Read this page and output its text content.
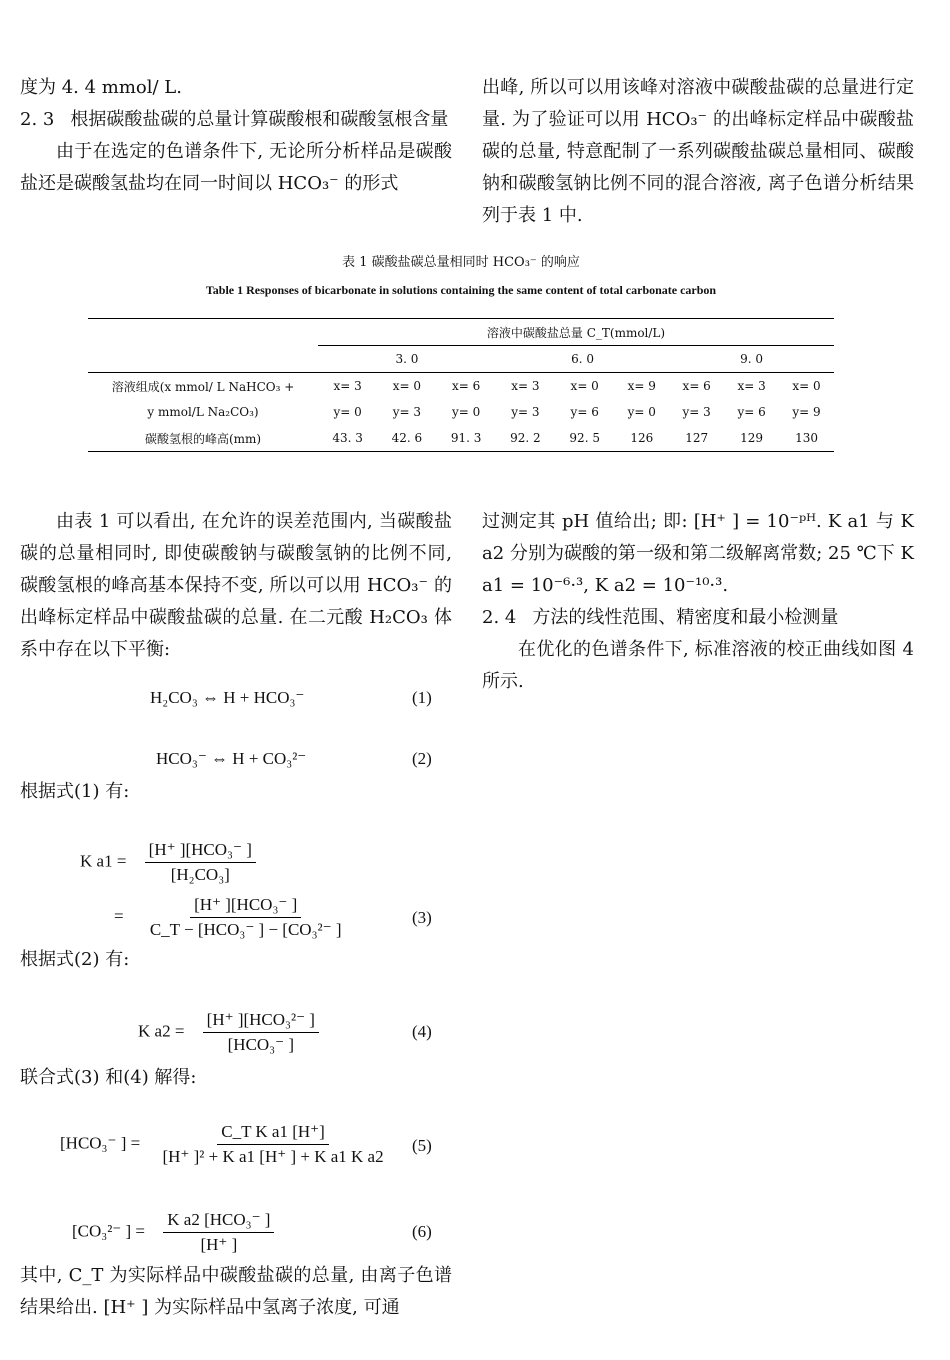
度为 4. 4 mmol/ L.

2. 3 根据碳酸盐碳的总量计算碳酸根和碳酸氢根含量

由于在选定的色谱条件下, 无论所分析样品是碳酸盐还是碳酸氢盐均在同一时间以 HCO₃⁻ 的形式

出峰, 所以可以用该峰对溶液中碳酸盐碳的总量进行定量. 为了验证可以用 HCO₃⁻ 的出峰标定样品中碳酸盐碳的总量, 特意配制了一系列碳酸盐碳总量相同、碳酸钠和碳酸氢钠比例不同的混合溶液, 离子色谱分析结果列于表 1 中.

表 1 碳酸盐碳总量相同时 HCO₃⁻ 的响应
Table 1 Responses of bicarbonate in solutions containing the same content of total carbonate carbon
	溶液中碳酸盐总量 C_T(mmol/L)								
	3. 0			6. 0			9. 0		
溶液组成(x mmol/ L NaHCO₃ +	x= 3	x= 0	x= 6	x= 3	x= 0	x= 9	x= 6	x= 3	x= 0
y mmol/L Na₂CO₃)	y= 0	y= 3	y= 0	y= 3	y= 6	y= 0	y= 3	y= 6	y= 9
碳酸氢根的峰高(mm)	43. 3	42. 6	91. 3	92. 2	92. 5	126	127	129	130

由表 1 可以看出, 在允许的误差范围内, 当碳酸盐碳的总量相同时, 即使碳酸钠与碳酸氢钠的比例不同, 碳酸氢根的峰高基本保持不变, 所以可以用 HCO₃⁻ 的出峰标定样品中碳酸盐碳的总量. 在二元酸 H₂CO₃ 体系中存在以下平衡:

H₂CO₃ ⇔ H + HCO₃⁻	(1)
HCO₃⁻ ⇔ H + CO₃²⁻	(2)
根据式(1) 有:
K $a1 = \frac{\text{[H⁺ ][HCO₃⁻ ]}}{\text{[H₂CO₃]}}$
= $\frac{\text{[H⁺ ][HCO₃⁻ ]}}{\text{C\_T − [HCO₃⁻ ] − [CO₃²⁻ ]}}$	(3)
根据式(2) 有:
K $a2 = \frac{\text{[H⁺ ][HCO₃²⁻ ]}}{\text{[HCO₃⁻ ]}}$	(4)
联合式(3) 和(4) 解得:
[HCO₃⁻ ] = $\frac{\text{C\_T K a1 [H⁺]}}{\text{[H⁺ ]² + K a1 [H⁺ ] + K a1 K a2}} (5)$
[CO₃²⁻ ] = $\frac{\text{K a2 [HCO₃⁻ ]}}{[H^+ ]}$	(6)
其中, C_T 为实际样品中碳酸盐碳的总量, 由离子色谱结果给出. [H⁺ ] 为实际样品中氢离子浓度, 可通

过测定其 pH 值给出; 即: [H⁺ ] = 10⁻ᵖᴴ. K a1 与 K a2 分别为碳酸的第一级和第二级解离常数; 25 ℃下 K a1 = 10⁻⁶·³, K a2 = 10⁻¹⁰·³.

2. 4 方法的线性范围、精密度和最小检测量

在优化的色谱条件下, 标准溶液的校正曲线如图 4 所示.
